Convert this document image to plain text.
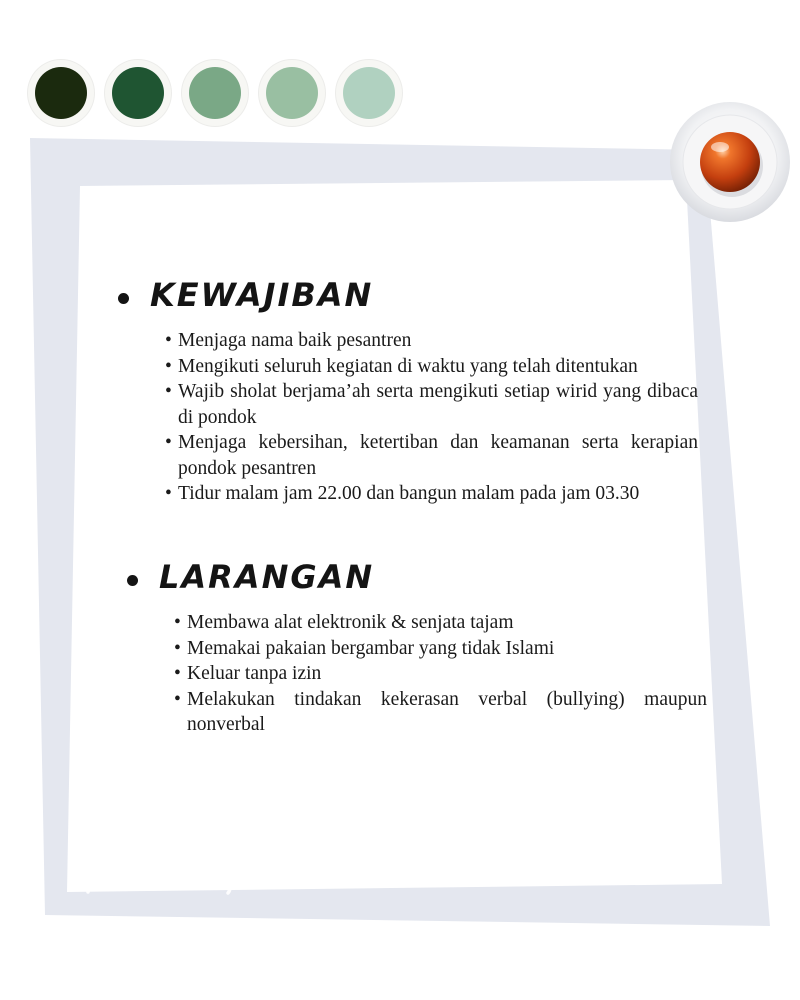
KEWAJIBAN
• Menjaga nama baik pesantren
• Mengikuti seluruh kegiatan di waktu yang telah ditentukan
• Wajib sholat berjama’ah serta mengikuti setiap wirid yang dibaca di pondok
• Menjaga kebersihan, ketertiban dan keamanan serta kerapian pondok pesantren
• Tidur malam jam 22.00 dan bangun malam pada jam 03.30
LARANGAN
• Membawa alat elektronik & senjata tajam
• Memakai pakaian bergambar yang tidak Islami
• Keluar tanpa izin
• Melakukan tindakan kekerasan verbal (bullying) maupun nonverbal
